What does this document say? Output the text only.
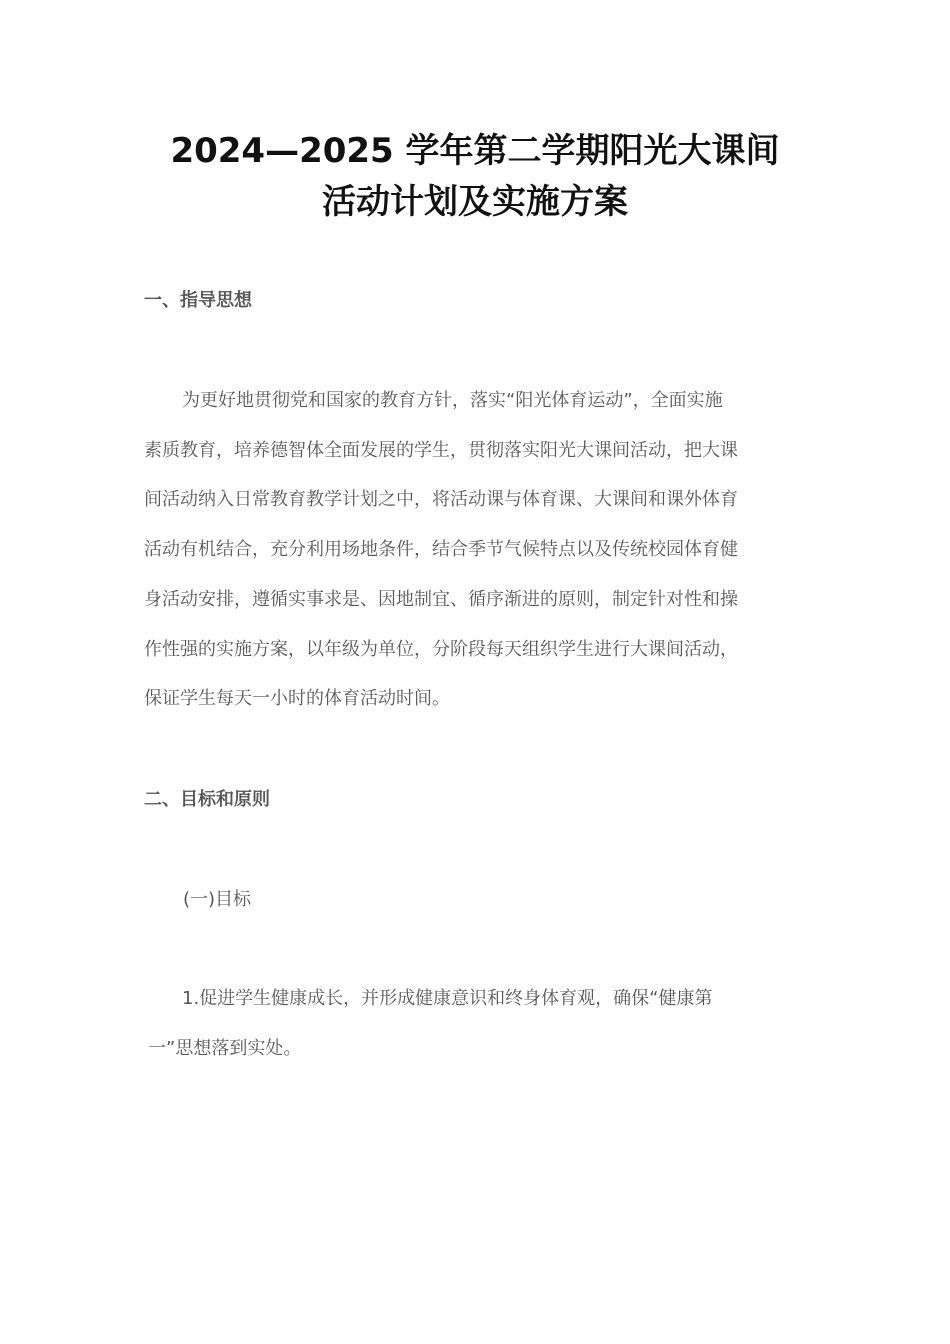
2024—2025 学年第二学期阳光大课间
活动计划及实施方案
一、指导思想
为更好地贯彻党和国家的教育方针，落实“阳光体育运动”，全面实施
素质教育，培养德智体全面发展的学生，贯彻落实阳光大课间活动，把大课
间活动纳入日常教育教学计划之中，将活动课与体育课、大课间和课外体育
活动有机结合，充分利用场地条件，结合季节气候特点以及传统校园体育健
身活动安排，遵循实事求是、因地制宜、循序渐进的原则，制定针对性和操
作性强的实施方案，以年级为单位，分阶段每天组织学生进行大课间活动，
保证学生每天一小时的体育活动时间。
二、目标和原则

(一)目标

1.促进学生健康成长，并形成健康意识和终身体育观，确保“健康第
一”思想落到实处。
